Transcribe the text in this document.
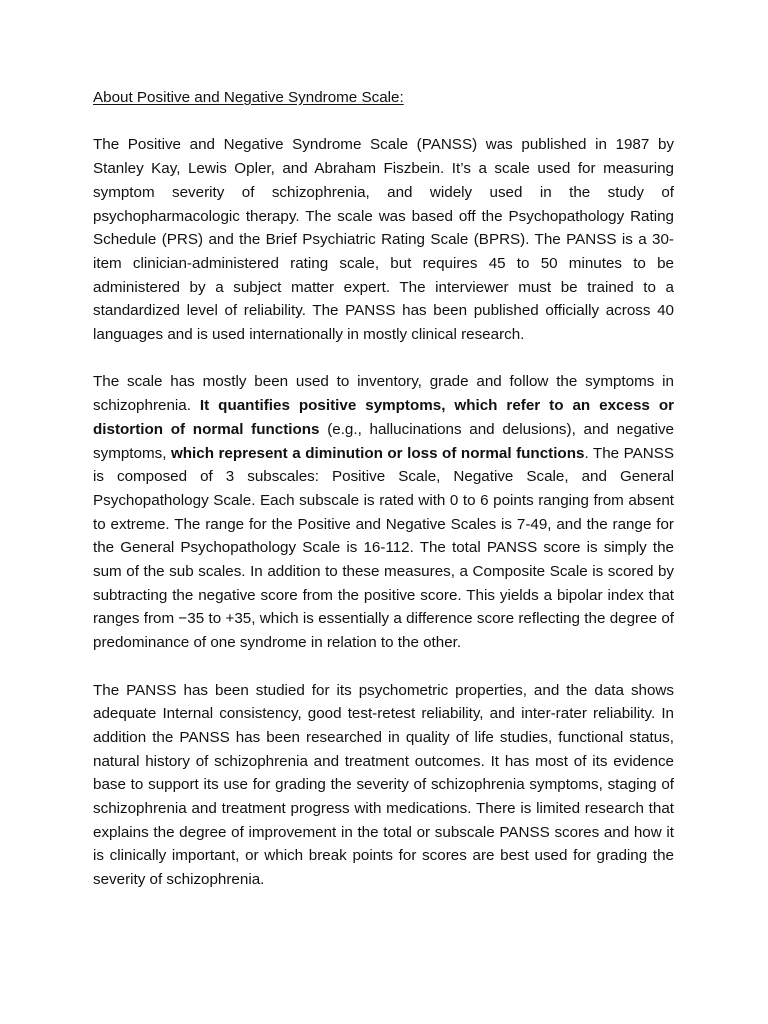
About Positive and Negative Syndrome Scale:

The Positive and Negative Syndrome Scale (PANSS) was published in 1987 by Stanley Kay, Lewis Opler, and Abraham Fiszbein. It’s a scale used for measuring symptom severity of schizophrenia, and widely used in the study of psychopharmacologic therapy. The scale was based off the Psychopathology Rating Schedule (PRS) and the Brief Psychiatric Rating Scale (BPRS). The PANSS is a 30-item clinician-administered rating scale, but requires 45 to 50 minutes to be administered by a subject matter expert. The interviewer must be trained to a standardized level of reliability. The PANSS has been published officially across 40 languages and is used internationally in mostly clinical research.

The scale has mostly been used to inventory, grade and follow the symptoms in schizophrenia. It quantifies positive symptoms, which refer to an excess or distortion of normal functions (e.g., hallucinations and delusions), and negative symptoms, which represent a diminution or loss of normal functions. The PANSS is composed of 3 subscales: Positive Scale, Negative Scale, and General Psychopathology Scale. Each subscale is rated with 0 to 6 points ranging from absent to extreme. The range for the Positive and Negative Scales is 7-49, and the range for the General Psychopathology Scale is 16-112. The total PANSS score is simply the sum of the sub scales. In addition to these measures, a Composite Scale is scored by subtracting the negative score from the positive score. This yields a bipolar index that ranges from −35 to +35, which is essentially a difference score reflecting the degree of predominance of one syndrome in relation to the other.

The PANSS has been studied for its psychometric properties, and the data shows adequate Internal consistency, good test-retest reliability, and inter-rater reliability. In addition the PANSS has been researched in quality of life studies, functional status, natural history of schizophrenia and treatment outcomes. It has most of its evidence base to support its use for grading the severity of schizophrenia symptoms, staging of schizophrenia and treatment progress with medications. There is limited research that explains the degree of improvement in the total or subscale PANSS scores and how it is clinically important, or which break points for scores are best used for grading the severity of schizophrenia.
